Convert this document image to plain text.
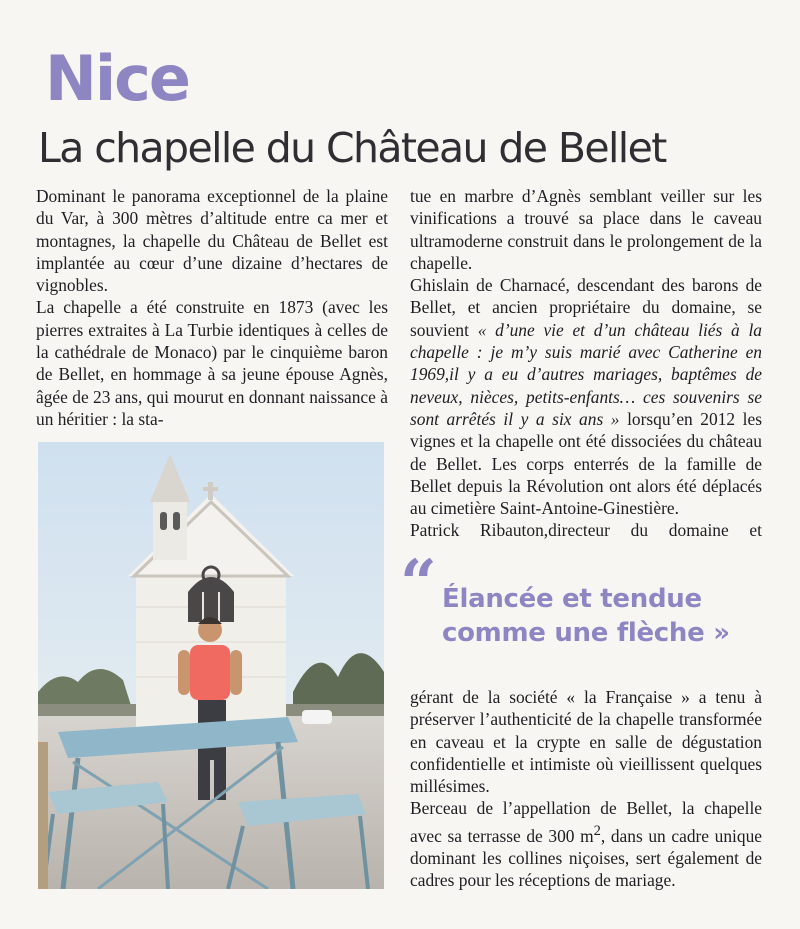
Nice
La chapelle du Château de Bellet

Dominant le panorama exceptionnel de la plaine du Var, à 300 mètres d’altitude entre ca mer et montagnes, la chapelle du Château de Bellet est implantée au cœur d’une dizaine d’hectares de vignobles.

La chapelle a été construite en 1873 (avec les pierres extraites à La Turbie identiques à celles de la cathédrale de Monaco) par le cinquième baron de Bellet, en hommage à sa jeune épouse Agnès, âgée de 23 ans, qui mourut en donnant naissance à un héritier : la sta-

tue en marbre d’Agnès semblant veiller sur les vinifications a trouvé sa place dans le caveau ultramoderne construit dans le prolongement de la chapelle.

Ghislain de Charnacé, descendant des barons de Bellet, et ancien propriétaire du domaine, se souvient « d’une vie et d’un château liés à la chapelle : je m’y suis marié avec Catherine en 1969,il y a eu d’autres mariages, baptêmes de neveux, nièces, petits-enfants… ces souvenirs se sont arrêtés il y a six ans » lorsqu’en 2012 les vignes et la chapelle ont été dissociées du château de Bellet. Les corps enterrés de la famille de Bellet depuis la Révolution ont alors été déplacés au cimetière Saint-Antoine-Ginestière.

Patrick Ribauton,directeur du domaine et

“ Élancée et tendue
comme une flèche »

gérant de la société « la Française » a tenu à préserver l’authenticité de la chapelle transformée en caveau et la crypte en salle de dégustation confidentielle et intimiste où vieillissent quelques millésimes.

Berceau de l’appellation de Bellet, la chapelle avec sa terrasse de 300 $m^2$, dans un cadre unique dominant les collines niçoises, sert également de cadres pour les réceptions de mariage.
